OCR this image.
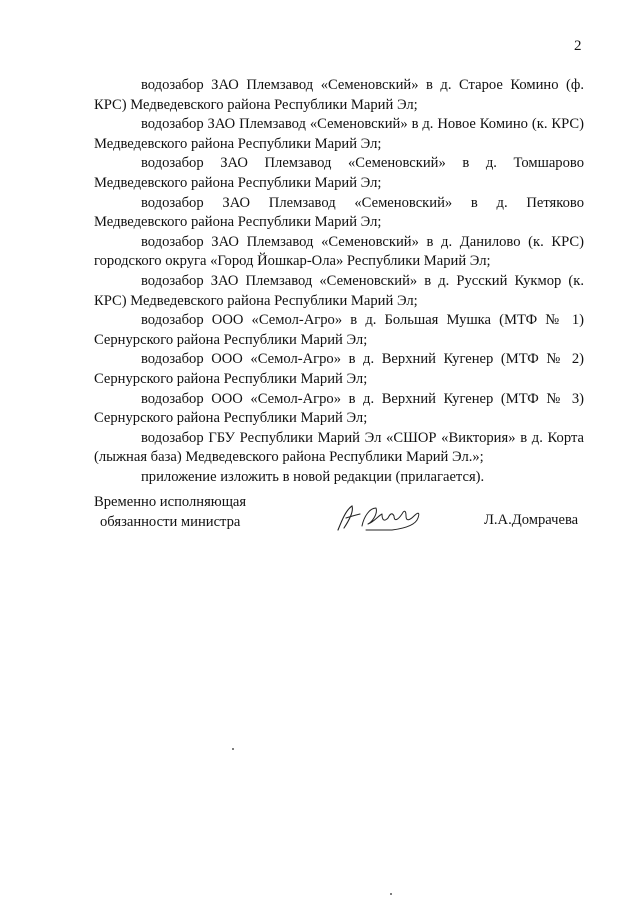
2

водозабор ЗАО Племзавод «Семеновский» в д. Старое Комино (ф. КРС) Медведевского района Республики Марий Эл;

водозабор ЗАО Племзавод «Семеновский» в д. Новое Комино (к. КРС) Медведевского района Республики Марий Эл;

водозабор ЗАО Племзавод «Семеновский» в д. Томшарово Медведевского района Республики Марий Эл;

водозабор ЗАО Племзавод «Семеновский» в д. Петяково Медведевского района Республики Марий Эл;

водозабор ЗАО Племзавод «Семеновский» в д. Данилово (к. КРС) городского округа «Город Йошкар-Ола» Республики Марий Эл;

водозабор ЗАО Племзавод «Семеновский» в д. Русский Кукмор (к. КРС) Медведевского района Республики Марий Эл;

водозабор ООО «Семол-Агро» в д. Большая Мушка (МТФ № 1) Сернурского района Республики Марий Эл;

водозабор ООО «Семол-Агро» в д. Верхний Кугенер (МТФ № 2) Сернурского района Республики Марий Эл;

водозабор ООО «Семол-Агро» в д. Верхний Кугенер (МТФ № 3) Сернурского района Республики Марий Эл;

водозабор ГБУ Республики Марий Эл «СШОР «Виктория» в д. Корта (лыжная база) Медведевского района Республики Марий Эл.»;

приложение изложить в новой редакции (прилагается).

Временно исполняющая
обязанности министра	Л.А.Домрачева
